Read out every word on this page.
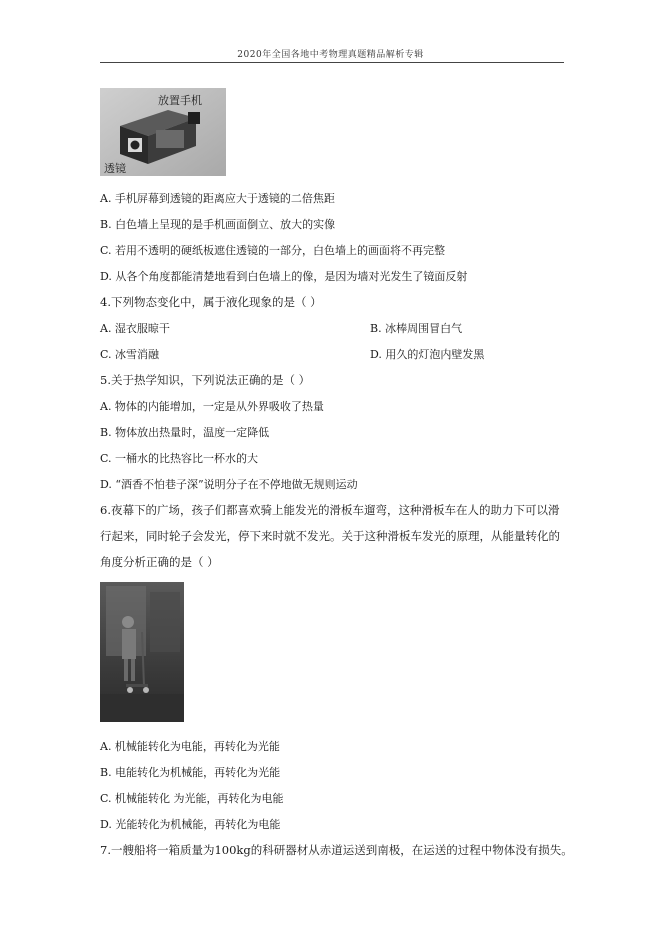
2020年全国各地中考物理真题精品解析专辑
放置手机
透镜
A. 手机屏幕到透镜的距离应大于透镜的二倍焦距
B. 白色墙上呈现的是手机画面倒立、放大的实像
C. 若用不透明的硬纸板遮住透镜的一部分，白色墙上的画面将不再完整
D. 从各个角度都能清楚地看到白色墙上的像，是因为墙对光发生了镜面反射
4.下列物态变化中，属于液化现象的是（ ）
A. 湿衣服晾干	B. 冰棒周围冒白气
C. 冰雪消融	D. 用久的灯泡内壁发黑
5.关于热学知识，下列说法正确的是（ ）
A. 物体的内能增加，一定是从外界吸收了热量
B. 物体放出热量时，温度一定降低
C. 一桶水的比热容比一杯水的大
D. “酒香不怕巷子深”说明分子在不停地做无规则运动
6.夜幕下的广场，孩子们都喜欢骑上能发光的滑板车遛弯，这种滑板车在人的助力下可以滑
行起来，同时轮子会发光，停下来时就不发光。关于这种滑板车发光的原理，从能量转化的
角度分析正确的是（ ）
A. 机械能转化为电能，再转化为光能
B. 电能转化为机械能，再转化为光能
C. 机械能转化 为光能，再转化为电能
D. 光能转化为机械能，再转化为电能
7.一艘船将一箱质量为100kg的科研器材从赤道运送到南极，在运送的过程中物体没有损失。
